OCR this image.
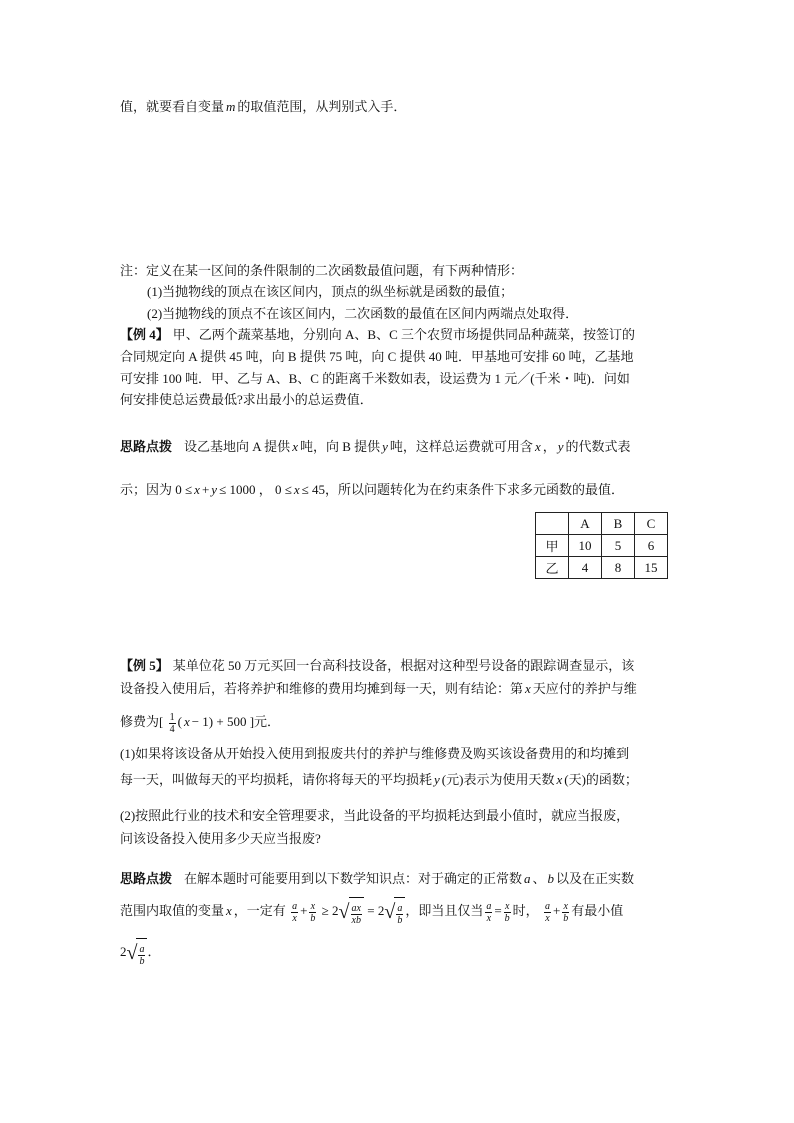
值，就要看自变量 m 的取值范围，从判别式入手．
注：定义在某一区间的条件限制的二次函数最值问题，有下两种情形：
(1)当抛物线的顶点在该区间内，顶点的纵坐标就是函数的最值；
(2)当抛物线的顶点不在该区间内，二次函数的最值在区间内两端点处取得．
【例 4】 甲、乙两个蔬菜基地，分别向 A、B、C 三个农贸市场提供同品种蔬菜，按签订的
合同规定向 A 提供 45 吨，向 B 提供 75 吨，向 C 提供 40 吨．甲基地可安排 60 吨，乙基地
可安排 100 吨．甲、乙与 A、B、C 的距离千米数如表，设运费为 1 元／(千米・吨)．问如
何安排使总运费最低?求出最小的总运费值．
思路点拨 设乙基地向 A 提供 x 吨，向 B 提供 y 吨，这样总运费就可用含 x ， y 的代数式表
示；因为 0 ≤ x + y ≤ 1000 ， 0 ≤ x ≤ 45，所以问题转化为在约束条件下求多元函数的最值．
	A	B	C
甲	10	5	6
乙	4	8	15
【例 5】 某单位花 50 万元买回一台高科技设备，根据对这种型号设备的跟踪调查显示，该
设备投入使用后，若将养护和维修的费用均摊到每一天，则有结论：第 x 天应付的养护与维
修费为[ $\frac{1}{4}$ ( x − 1) + 500 ]元．
(1)如果将该设备从开始投入使用到报废共付的养护与维修费及购买该设备费用的和均摊到
每一天，叫做每天的平均损耗，请你将每天的平均损耗 y (元)表示为使用天数 x (天)的函数；
(2)按照此行业的技术和安全管理要求，当此设备的平均损耗达到最小值时，就应当报废，
问该设备投入使用多少天应当报废?
思路点拨 在解本题时可能要用到以下数学知识点：对于确定的正常数 a 、 b 以及在正实数
范围内取值的变量 x ，一定有 $\frac{a}{x} + \frac{x}{b} \ge 2√ \frac{ax}{xb} = 2√ \frac{a}{b}$ ，即当且仅当 $\frac{a}{x} = \frac{x}{b}$ 时， $\frac{a}{x} + \frac{x}{b}$ 有最小值
$2√ \frac{a}{b}$ ．
